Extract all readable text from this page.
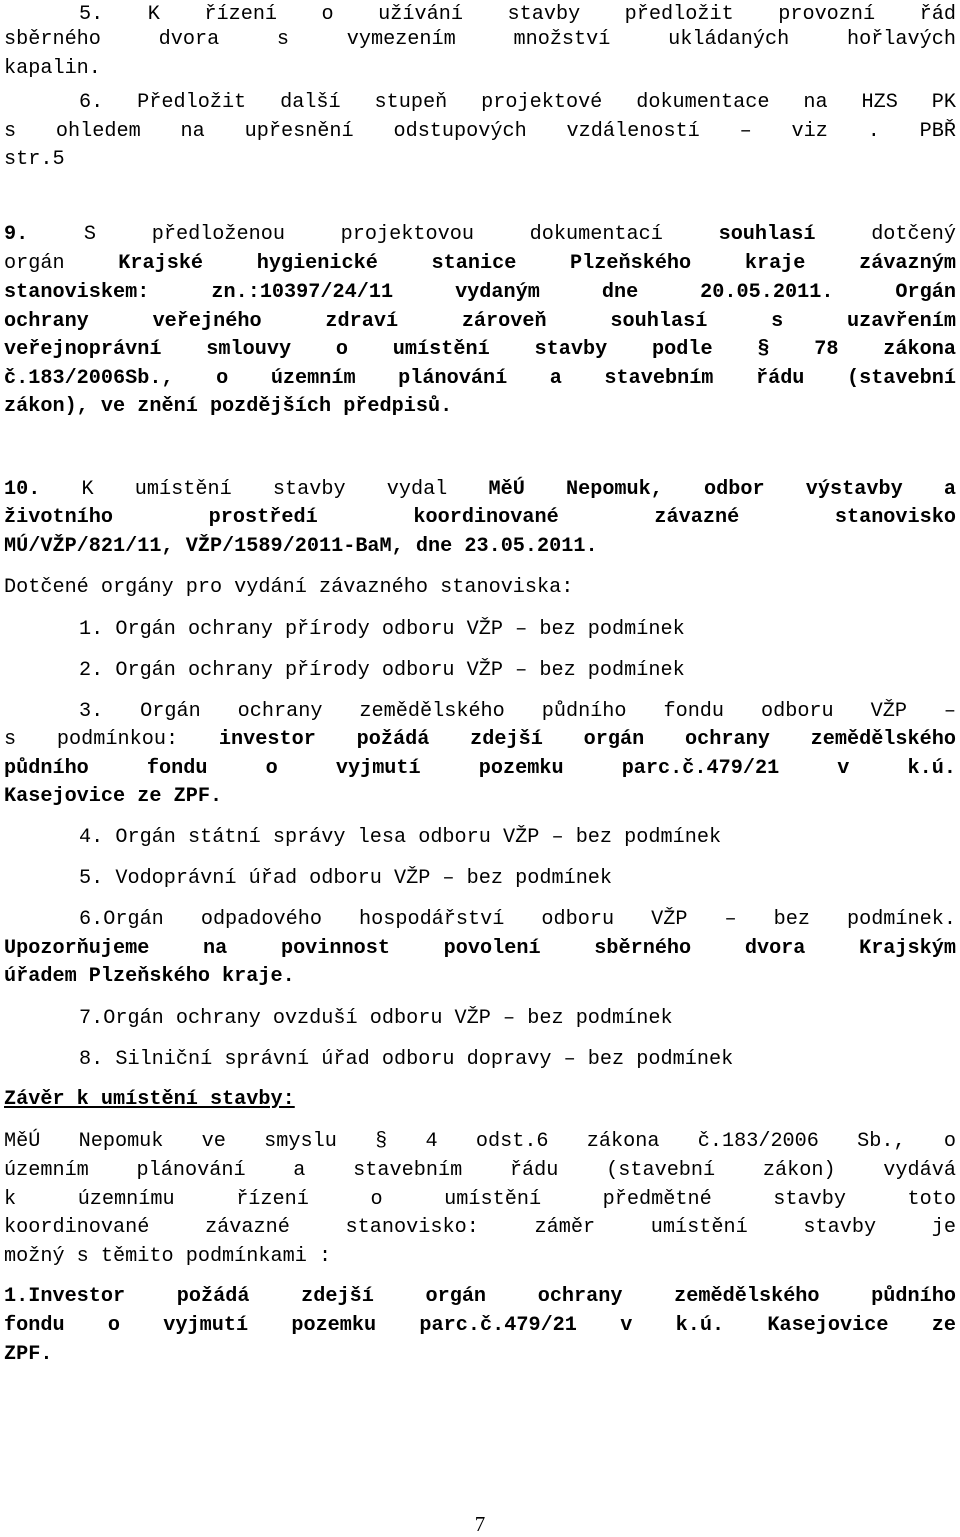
5. K řízení o užívání stavby předložit provozní řád

sběrného dvora s vymezením množství ukládaných hořlavých

kapalin.

6. Předložit další stupeň projektové dokumentace na HZS PK

s ohledem na upřesnění odstupových vzdáleností – viz . PBŘ

str.5

9. S předloženou projektovou dokumentací souhlasí dotčený

orgán Krajské hygienické stanice Plzeňského kraje závazným

stanoviskem: zn.:10397/24/11 vydaným dne 20.05.2011. Orgán

ochrany veřejného zdraví zároveň souhlasí s uzavřením

veřejnoprávní smlouvy o umístění stavby podle § 78 zákona

č.183/2006Sb., o územním plánování a stavebním řádu (stavební

zákon), ve znění pozdějších předpisů.

10. K umístění stavby vydal MěÚ Nepomuk, odbor výstavby a

životního prostředí koordinované závazné stanovisko

MÚ/VŽP/821/11, VŽP/1589/2011-BaM, dne 23.05.2011.

Dotčené orgány pro vydání závazného stanoviska:

1. Orgán ochrany přírody odboru VŽP – bez podmínek

2. Orgán ochrany přírody odboru VŽP – bez podmínek

3. Orgán ochrany zemědělského půdního fondu odboru VŽP –

s podmínkou: investor požádá zdejší orgán ochrany zemědělského

půdního fondu o vyjmutí pozemku parc.č.479/21 v k.ú.

Kasejovice ze ZPF.

4. Orgán státní správy lesa odboru VŽP – bez podmínek

5. Vodoprávní úřad odboru VŽP – bez podmínek

6.Orgán odpadového hospodářství odboru VŽP – bez podmínek.

Upozorňujeme na povinnost povolení sběrného dvora Krajským

úřadem Plzeňského kraje.

7.Orgán ochrany ovzduší odboru VŽP – bez podmínek

8. Silniční správní úřad odboru dopravy – bez podmínek

Závěr k umístění stavby:

MěÚ Nepomuk ve smyslu § 4 odst.6 zákona č.183/2006 Sb., o

územním plánování a stavebním řádu (stavební zákon) vydává

k územnímu řízení o umístění předmětné stavby toto

koordinované závazné stanovisko: záměr umístění stavby je

možný s těmito podmínkami :

1.Investor požádá zdejší orgán ochrany zemědělského půdního

fondu o vyjmutí pozemku parc.č.479/21 v k.ú. Kasejovice ze

ZPF.

7
